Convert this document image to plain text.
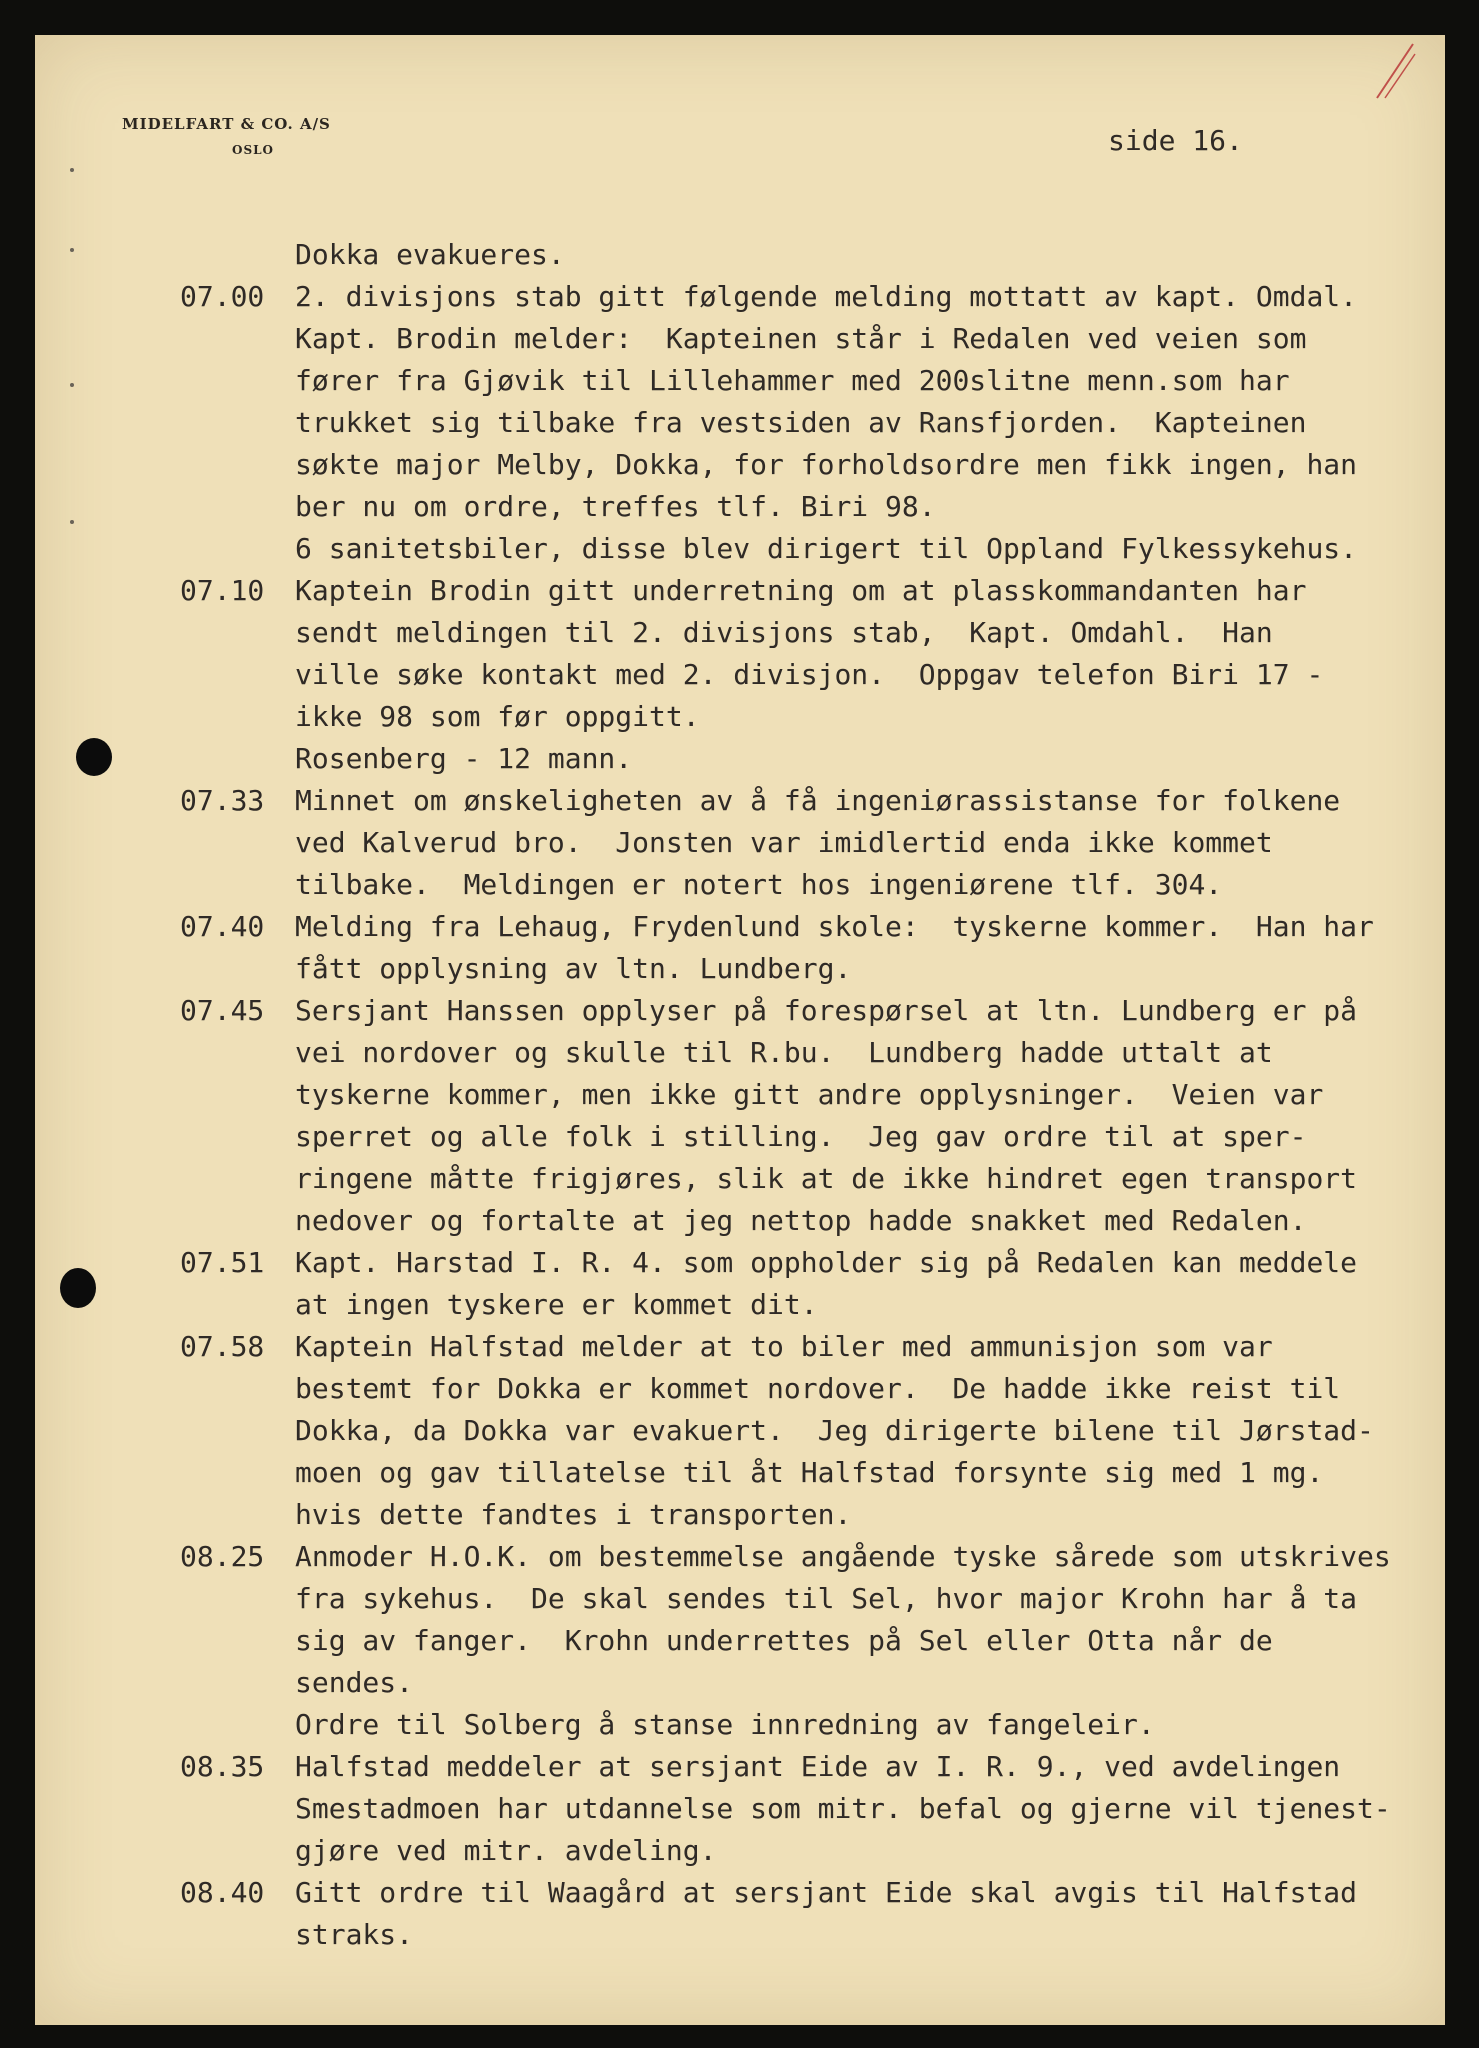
MIDELFART & CO. A/S
OSLO	side 16.
Dokka evakueres.
07.00	2. divisjons stab gitt følgende melding mottatt av kapt. Omdal.
Kapt. Brodin melder:  Kapteinen står i Redalen ved veien som
fører fra Gjøvik til Lillehammer med 200slitne menn.som har
trukket sig tilbake fra vestsiden av Ransfjorden.  Kapteinen
søkte major Melby, Dokka, for forholdsordre men fikk ingen, han
ber nu om ordre, treffes tlf. Biri 98.
6 sanitetsbiler, disse blev dirigert til Oppland Fylkessykehus.
07.10	Kaptein Brodin gitt underretning om at plasskommandanten har
sendt meldingen til 2. divisjons stab,  Kapt. Omdahl.  Han
ville søke kontakt med 2. divisjon.  Oppgav telefon Biri 17 -
ikke 98 som før oppgitt.
Rosenberg - 12 mann.
07.33	Minnet om ønskeligheten av å få ingeniørassistanse for folkene
ved Kalverud bro.  Jonsten var imidlertid enda ikke kommet
tilbake.  Meldingen er notert hos ingeniørene tlf. 304.
07.40	Melding fra Lehaug, Frydenlund skole:  tyskerne kommer.  Han har
fått opplysning av ltn. Lundberg.
07.45	Sersjant Hanssen opplyser på forespørsel at ltn. Lundberg er på
vei nordover og skulle til R.bu.  Lundberg hadde uttalt at
tyskerne kommer, men ikke gitt andre opplysninger.  Veien var
sperret og alle folk i stilling.  Jeg gav ordre til at sper-
ringene måtte frigjøres, slik at de ikke hindret egen transport
nedover og fortalte at jeg nettop hadde snakket med Redalen.
07.51	Kapt. Harstad I. R. 4. som oppholder sig på Redalen kan meddele
at ingen tyskere er kommet dit.
07.58	Kaptein Halfstad melder at to biler med ammunisjon som var
bestemt for Dokka er kommet nordover.  De hadde ikke reist til
Dokka, da Dokka var evakuert.  Jeg dirigerte bilene til Jørstad-
moen og gav tillatelse til åt Halfstad forsynte sig med 1 mg.
hvis dette fandtes i transporten.
08.25	Anmoder H.O.K. om bestemmelse angående tyske sårede som utskrives
fra sykehus.  De skal sendes til Sel, hvor major Krohn har å ta
sig av fanger.  Krohn underrettes på Sel eller Otta når de sendes.
Ordre til Solberg å stanse innredning av fangeleir.
08.35	Halfstad meddeler at sersjant Eide av I. R. 9., ved avdelingen
Smestadmoen har utdannelse som mitr. befal og gjerne vil tjenest-
gjøre ved mitr. avdeling.
08.40	Gitt ordre til Waagård at sersjant Eide skal avgis til Halfstad
straks.
